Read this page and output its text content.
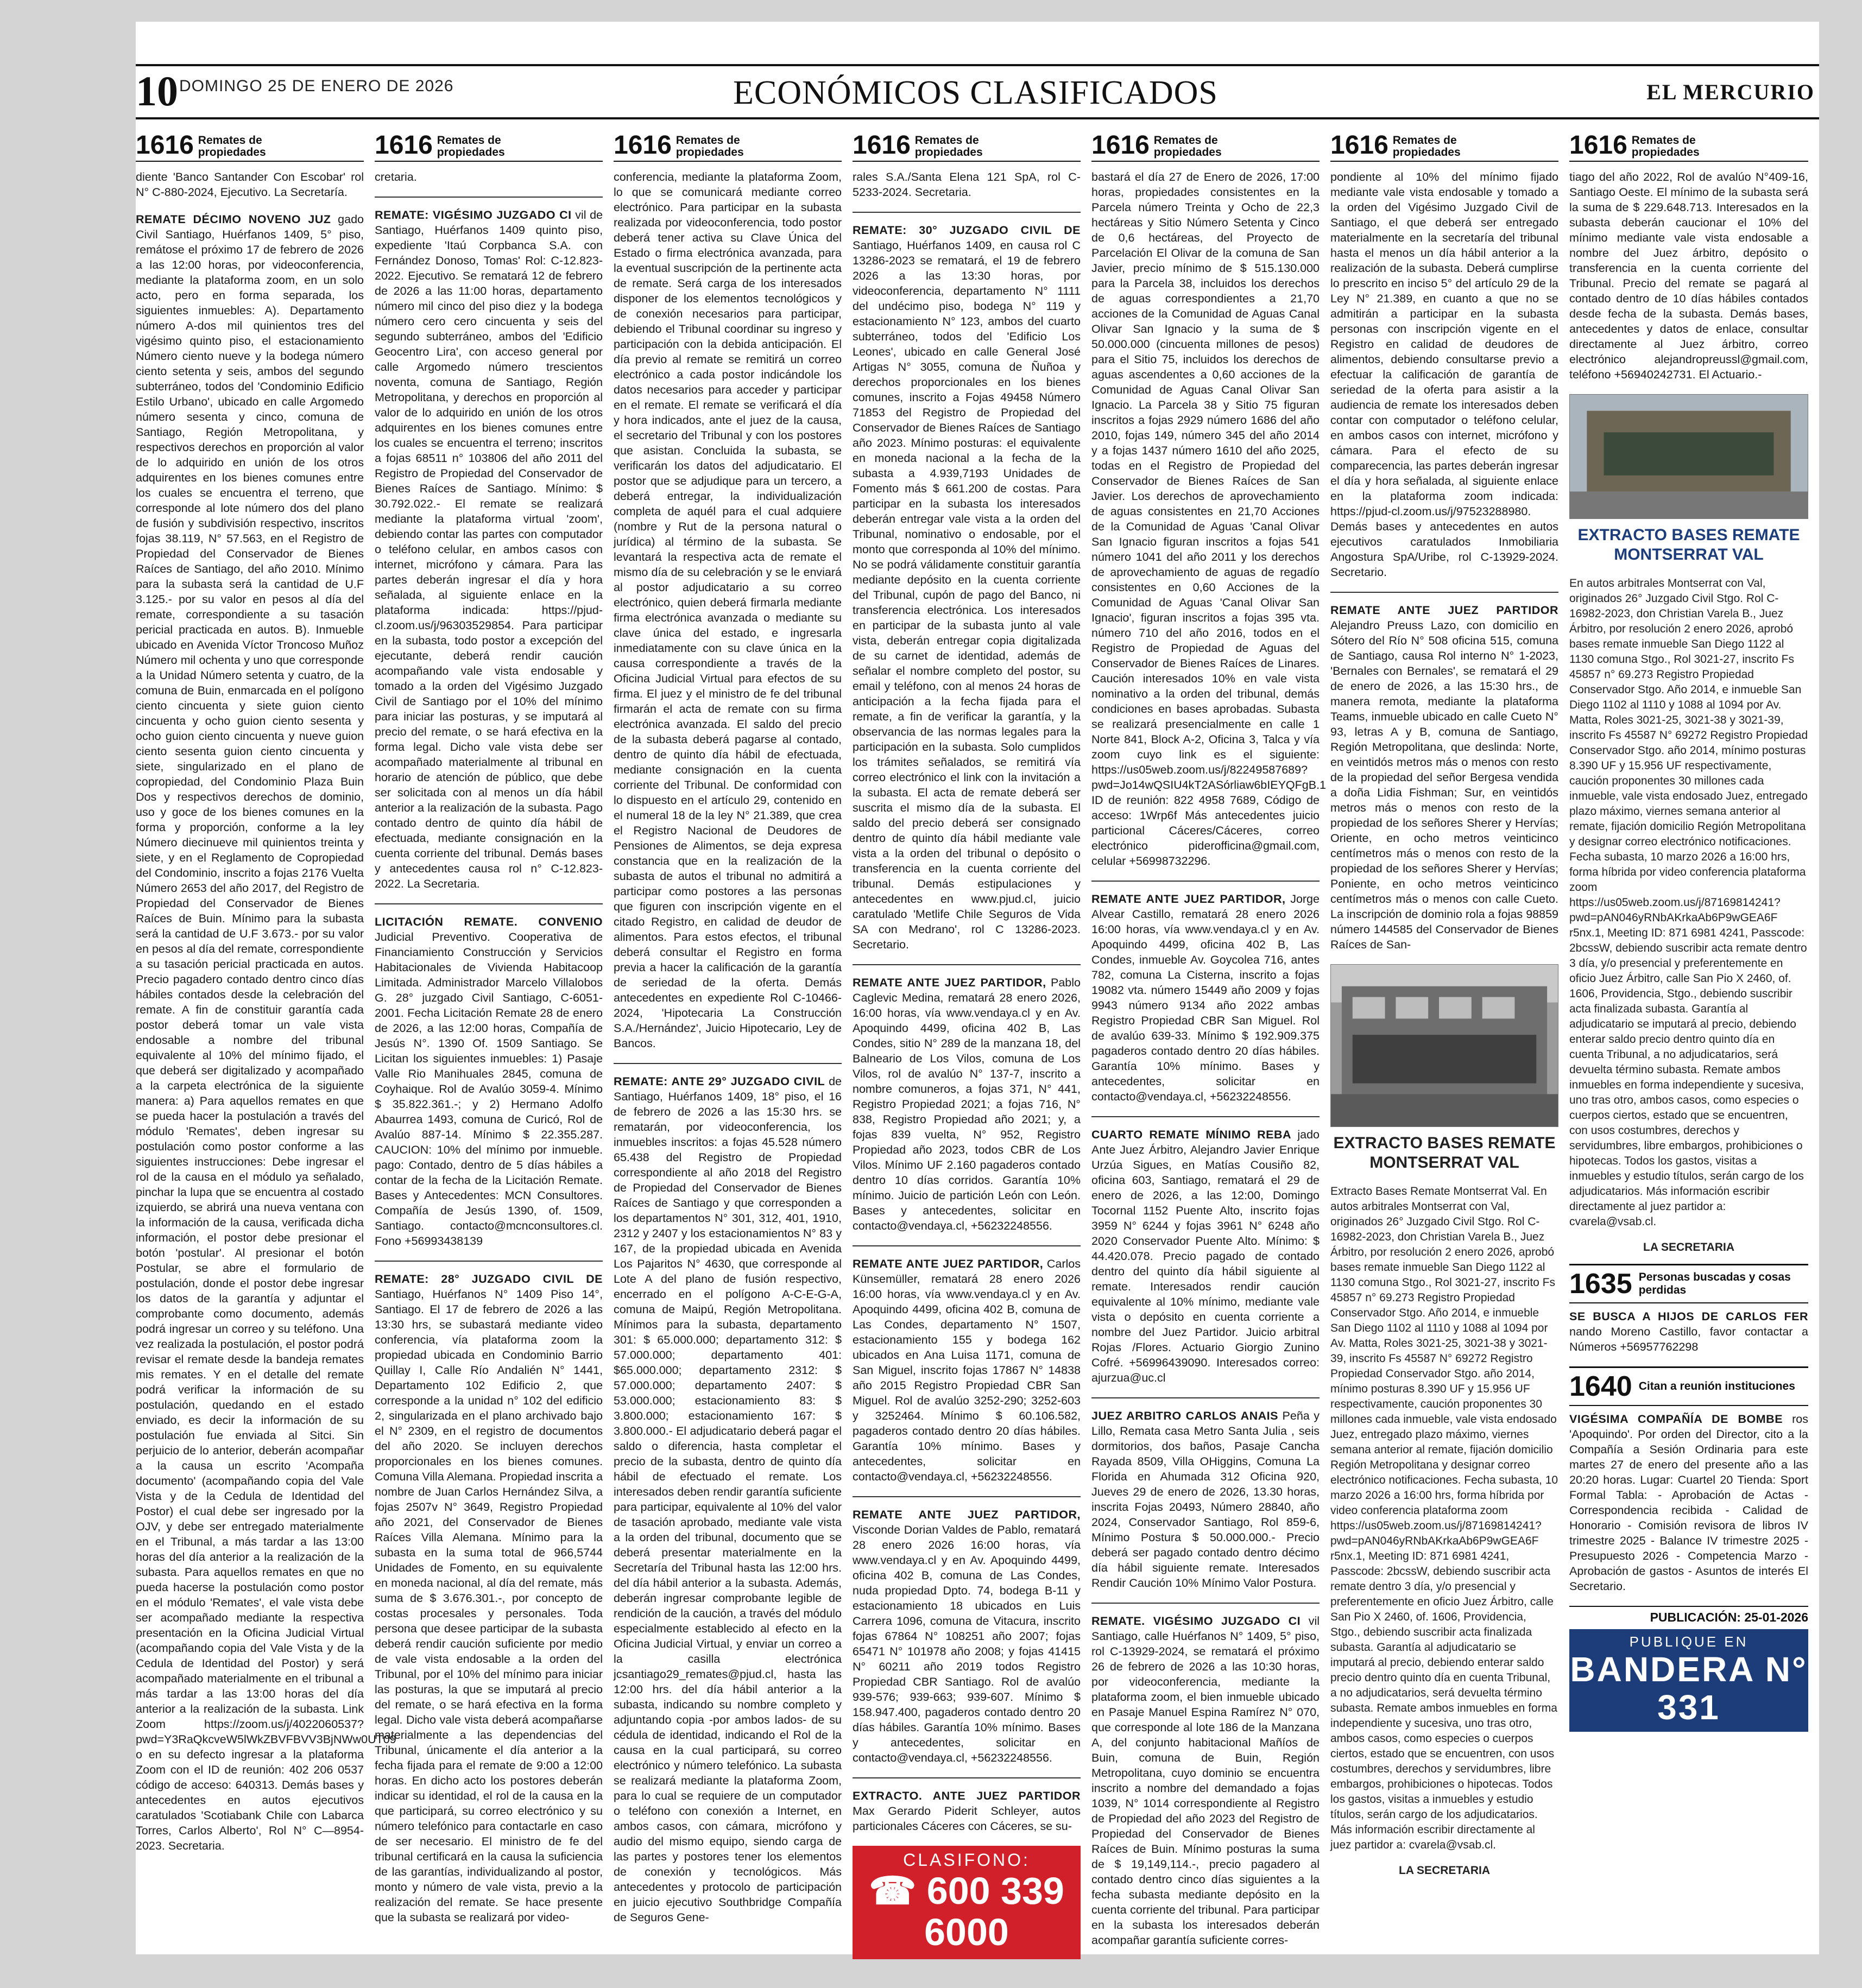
10 DOMINGO 25 DE ENERO DE 2026	ECONÓMICOS CLASIFICADOS	EL MERCURIO
1616 Remates de
propiedades

diente 'Banco Santander Con Escobar' rol N° C-880-2024, Ejecutivo. La Secretaría.

REMATE DÉCIMO NOVENO JUZ gado Civil Santiago, Huérfanos 1409, 5° piso, remátose el próximo 17 de febrero de 2026 a las 12:00 horas, por videoconferencia, mediante la plataforma zoom, en un solo acto, pero en forma separada, los siguientes inmuebles: A). Departamento número A-dos mil quinientos tres del vigésimo quinto piso, el estacionamiento Número ciento nueve y la bodega número ciento setenta y seis, ambos del segundo subterráneo, todos del 'Condominio Edificio Estilo Urbano', ubicado en calle Argomedo número sesenta y cinco, comuna de Santiago, Región Metropolitana, y respectivos derechos en proporción al valor de lo adquirido en unión de los otros adquirentes en los bienes comunes entre los cuales se encuentra el terreno, que corresponde al lote número dos del plano de fusión y subdivisión respectivo, inscritos fojas 38.119, N° 57.563, en el Registro de Propiedad del Conservador de Bienes Raíces de Santiago, del año 2010. Mínimo para la subasta será la cantidad de U.F 3.125.- por su valor en pesos al día del remate, correspondiente a su tasación pericial practicada en autos. B). Inmueble ubicado en Avenida Víctor Troncoso Muñoz Número mil ochenta y uno que corresponde a la Unidad Número setenta y cuatro, de la comuna de Buin, enmarcada en el polígono ciento cincuenta y siete guion ciento cincuenta y ocho guion ciento sesenta y ocho guion ciento cincuenta y nueve guion ciento sesenta guion ciento cincuenta y siete, singularizado en el plano de copropiedad, del Condominio Plaza Buin Dos y respectivos derechos de dominio, uso y goce de los bienes comunes en la forma y proporción, conforme a la ley Número diecinueve mil quinientos treinta y siete, y en el Reglamento de Copropiedad del Condominio, inscrito a fojas 2176 Vuelta Número 2653 del año 2017, del Registro de Propiedad del Conservador de Bienes Raíces de Buin. Mínimo para la subasta será la cantidad de U.F 3.673.- por su valor en pesos al día del remate, correspondiente a su tasación pericial practicada en autos. Precio pagadero contado dentro cinco días hábiles contados desde la celebración del remate. A fin de constituir garantía cada postor deberá tomar un vale vista endosable a nombre del tribunal equivalente al 10% del mínimo fijado, el que deberá ser digitalizado y acompañado a la carpeta electrónica de la siguiente manera: a) Para aquellos remates en que se pueda hacer la postulación a través del módulo 'Remates', deben ingresar su postulación como postor conforme a las siguientes instrucciones: Debe ingresar el rol de la causa en el módulo ya señalado, pinchar la lupa que se encuentra al costado izquierdo, se abrirá una nueva ventana con la información de la causa, verificada dicha información, el postor debe presionar el botón 'postular'. Al presionar el botón Postular, se abre el formulario de postulación, donde el postor debe ingresar los datos de la garantía y adjuntar el comprobante como documento, además podrá ingresar un correo y su teléfono. Una vez realizada la postulación, el postor podrá revisar el remate desde la bandeja remates mis remates. Y en el detalle del remate podrá verificar la información de su postulación, quedando en el estado enviado, es decir la información de su postulación fue enviada al Sitci. Sin perjuicio de lo anterior, deberán acompañar a la causa un escrito 'Acompaña documento' (acompañando copia del Vale Vista y de la Cedula de Identidad del Postor) el cual debe ser ingresado por la OJV, y debe ser entregado materialmente en el Tribunal, a más tardar a las 13:00 horas del día anterior a la realización de la subasta. Para aquellos remates en que no pueda hacerse la postulación como postor en el módulo 'Remates', el vale vista debe ser acompañado mediante la respectiva presentación en la Oficina Judicial Virtual (acompañando copia del Vale Vista y de la Cedula de Identidad del Postor) y será acompañado materialmente en el tribunal a más tardar a las 13:00 horas del día anterior a la realización de la subasta. Link Zoom https://zoom.us/j/4022060537?pwd=Y3RaQkcveW5lWkZBVFBVV3BjNWw0UT09 o en su defecto ingresar a la plataforma Zoom con el ID de reunión: 402 206 0537 código de acceso: 640313. Demás bases y antecedentes en autos ejecutivos caratulados 'Scotiabank Chile con Labarca Torres, Carlos Alberto', Rol N° C—8954-2023. Secretaria.

1616 Remates de
propiedades

cretaria.

REMATE: VIGÉSIMO JUZGADO CI vil de Santiago, Huérfanos 1409 quinto piso, expediente 'Itaú Corpbanca S.A. con Fernández Donoso, Tomas' Rol: C-12.823-2022. Ejecutivo. Se rematará 12 de febrero de 2026 a las 11:00 horas, departamento número mil cinco del piso diez y la bodega número cero cero cincuenta y seis del segundo subterráneo, ambos del 'Edificio Geocentro Lira', con acceso general por calle Argomedo número trescientos noventa, comuna de Santiago, Región Metropolitana, y derechos en proporción al valor de lo adquirido en unión de los otros adquirentes en los bienes comunes entre los cuales se encuentra el terreno; inscritos a fojas 68511 n° 103806 del año 2011 del Registro de Propiedad del Conservador de Bienes Raíces de Santiago. Mínimo: $ 30.792.022.- El remate se realizará mediante la plataforma virtual 'zoom', debiendo contar las partes con computador o teléfono celular, en ambos casos con internet, micrófono y cámara. Para las partes deberán ingresar el día y hora señalada, al siguiente enlace en la plataforma indicada: https://pjud-cl.zoom.us/j/96303529854. Para participar en la subasta, todo postor a excepción del ejecutante, deberá rendir caución acompañando vale vista endosable y tomado a la orden del Vigésimo Juzgado Civil de Santiago por el 10% del mínimo para iniciar las posturas, y se imputará al precio del remate, o se hará efectiva en la forma legal. Dicho vale vista debe ser acompañado materialmente al tribunal en horario de atención de público, que debe ser solicitada con al menos un día hábil anterior a la realización de la subasta. Pago contado dentro de quinto día hábil de efectuada, mediante consignación en la cuenta corriente del tribunal. Demás bases y antecedentes causa rol n° C-12.823-2022. La Secretaria.

LICITACIÓN REMATE. CONVENIO Judicial Preventivo. Cooperativa de Financiamiento Construcción y Servicios Habitacionales de Vivienda Habitacoop Limitada. Administrador Marcelo Villalobos G. 28° juzgado Civil Santiago, C-6051-2001. Fecha Licitación Remate 28 de enero de 2026, a las 12:00 horas, Compañía de Jesús N°. 1390 Of. 1509 Santiago. Se Licitan los siguientes inmuebles: 1) Pasaje Valle Rio Manihuales 2845, comuna de Coyhaique. Rol de Avalúo 3059-4. Mínimo $ 35.822.361.-; y 2) Hermano Adolfo Abaurrea 1493, comuna de Curicó, Rol de Avalúo 887-14. Mínimo $ 22.355.287. CAUCION: 10% del mínimo por inmueble. pago: Contado, dentro de 5 días hábiles a contar de la fecha de la Licitación Remate. Bases y Antecedentes: MCN Consultores. Compañía de Jesús 1390, of. 1509, Santiago. contacto@mcnconsultores.cl. Fono +56993438139

REMATE: 28° JUZGADO CIVIL DE Santiago, Huérfanos N° 1409 Piso 14°, Santiago. El 17 de febrero de 2026 a las 13:30 hrs, se subastará mediante video conferencia, vía plataforma zoom la propiedad ubicada en Condominio Barrio Quillay I, Calle Río Andalién N° 1441, Departamento 102 Edificio 2, que corresponde a la unidad n° 102 del edificio 2, singularizada en el plano archivado bajo el N° 2309, en el registro de documentos del año 2020. Se incluyen derechos proporcionales en los bienes comunes. Comuna Villa Alemana. Propiedad inscrita a nombre de Juan Carlos Hernández Silva, a fojas 2507v N° 3649, Registro Propiedad año 2021, del Conservador de Bienes Raíces Villa Alemana. Mínimo para la subasta en la suma total de 966,5744 Unidades de Fomento, en su equivalente en moneda nacional, al día del remate, más suma de $ 3.676.301.-, por concepto de costas procesales y personales. Toda persona que desee participar de la subasta deberá rendir caución suficiente por medio de vale vista endosable a la orden del Tribunal, por el 10% del mínimo para iniciar las posturas, la que se imputará al precio del remate, o se hará efectiva en la forma legal. Dicho vale vista deberá acompañarse materialmente a las dependencias del Tribunal, únicamente el día anterior a la fecha fijada para el remate de 9:00 a 12:00 horas. En dicho acto los postores deberán indicar su identidad, el rol de la causa en la que participará, su correo electrónico y su número telefónico para contactarle en caso de ser necesario. El ministro de fe del tribunal certificará en la causa la suficiencia de las garantías, individualizando al postor, monto y número de vale vista, previo a la realización del remate. Se hace presente que la subasta se realizará por video-

1616 Remates de
propiedades

conferencia, mediante la plataforma Zoom, lo que se comunicará mediante correo electrónico. Para participar en la subasta realizada por videoconferencia, todo postor deberá tener activa su Clave Única del Estado o firma electrónica avanzada, para la eventual suscripción de la pertinente acta de remate. Será carga de los interesados disponer de los elementos tecnológicos y de conexión necesarios para participar, debiendo el Tribunal coordinar su ingreso y participación con la debida anticipación. El día previo al remate se remitirá un correo electrónico a cada postor indicándole los datos necesarios para acceder y participar en el remate. El remate se verificará el día y hora indicados, ante el juez de la causa, el secretario del Tribunal y con los postores que asistan. Concluida la subasta, se verificarán los datos del adjudicatario. El postor que se adjudique para un tercero, a deberá entregar, la individualización completa de aquél para el cual adquiere (nombre y Rut de la persona natural o jurídica) al término de la subasta. Se levantará la respectiva acta de remate el mismo día de su celebración y se le enviará al postor adjudicatario a su correo electrónico, quien deberá firmarla mediante firma electrónica avanzada o mediante su clave única del estado, e ingresarla inmediatamente con su clave única en la causa correspondiente a través de la Oficina Judicial Virtual para efectos de su firma. El juez y el ministro de fe del tribunal firmarán el acta de remate con su firma electrónica avanzada. El saldo del precio de la subasta deberá pagarse al contado, dentro de quinto día hábil de efectuada, mediante consignación en la cuenta corriente del Tribunal. De conformidad con lo dispuesto en el artículo 29, contenido en el numeral 18 de la ley N° 21.389, que crea el Registro Nacional de Deudores de Pensiones de Alimentos, se deja expresa constancia que en la realización de la subasta de autos el tribunal no admitirá a participar como postores a las personas que figuren con inscripción vigente en el citado Registro, en calidad de deudor de alimentos. Para estos efectos, el tribunal deberá consultar el Registro en forma previa a hacer la calificación de la garantía de seriedad de la oferta. Demás antecedentes en expediente Rol C-10466-2024, 'Hipotecaria La Construcción S.A./Hernández', Juicio Hipotecario, Ley de Bancos.

REMATE: ANTE 29° JUZGADO CIVIL de Santiago, Huérfanos 1409, 18° piso, el 16 de febrero de 2026 a las 15:30 hrs. se rematarán, por videoconferencia, los inmuebles inscritos: a fojas 45.528 número 65.438 del Registro de Propiedad correspondiente al año 2018 del Registro de Propiedad del Conservador de Bienes Raíces de Santiago y que corresponden a los departamentos N° 301, 312, 401, 1910, 2312 y 2407 y los estacionamientos N° 83 y 167, de la propiedad ubicada en Avenida Los Pajaritos N° 4630, que corresponde al Lote A del plano de fusión respectivo, encerrado en el polígono A-C-E-G-A, comuna de Maipú, Región Metropolitana. Mínimos para la subasta, departamento 301: $ 65.000.000; departamento 312: $ 57.000.000; departamento 401: $65.000.000; departamento 2312: $ 57.000.000; departamento 2407: $ 53.000.000; estacionamiento 83: $ 3.800.000; estacionamiento 167: $ 3.800.000.- El adjudicatario deberá pagar el saldo o diferencia, hasta completar el precio de la subasta, dentro de quinto día hábil de efectuado el remate. Los interesados deben rendir garantía suficiente para participar, equivalente al 10% del valor de tasación aprobado, mediante vale vista a la orden del tribunal, documento que se deberá presentar materialmente en la Secretaría del Tribunal hasta las 12:00 hrs. del día hábil anterior a la subasta. Además, deberán ingresar comprobante legible de rendición de la caución, a través del módulo especialmente establecido al efecto en la Oficina Judicial Virtual, y enviar un correo a la casilla electrónica jcsantiago29_remates@pjud.cl, hasta las 12:00 hrs. del día hábil anterior a la subasta, indicando su nombre completo y adjuntando copia -por ambos lados- de su cédula de identidad, indicando el Rol de la causa en la cual participará, su correo electrónico y número telefónico. La subasta se realizará mediante la plataforma Zoom, para lo cual se requiere de un computador o teléfono con conexión a Internet, en ambos casos, con cámara, micrófono y audio del mismo equipo, siendo carga de las partes y postores tener los elementos de conexión y tecnológicos. Más antecedentes y protocolo de participación en juicio ejecutivo Southbridge Compañía de Seguros Gene-

1616 Remates de
propiedades

rales S.A./Santa Elena 121 SpA, rol C-5233-2024. Secretaria.

REMATE: 30° JUZGADO CIVIL DE Santiago, Huérfanos 1409, en causa rol C 13286-2023 se rematará, el 19 de febrero 2026 a las 13:30 horas, por videoconferencia, departamento N° 1111 del undécimo piso, bodega N° 119 y estacionamiento N° 123, ambos del cuarto subterráneo, todos del 'Edificio Los Leones', ubicado en calle General José Artigas N° 3055, comuna de Ñuñoa y derechos proporcionales en los bienes comunes, inscrito a Fojas 49458 Número 71853 del Registro de Propiedad del Conservador de Bienes Raíces de Santiago año 2023. Mínimo posturas: el equivalente en moneda nacional a la fecha de la subasta a 4.939,7193 Unidades de Fomento más $ 661.200 de costas. Para participar en la subasta los interesados deberán entregar vale vista a la orden del Tribunal, nominativo o endosable, por el monto que corresponda al 10% del mínimo. No se podrá válidamente constituir garantía mediante depósito en la cuenta corriente del Tribunal, cupón de pago del Banco, ni transferencia electrónica. Los interesados en participar de la subasta junto al vale vista, deberán entregar copia digitalizada de su carnet de identidad, además de señalar el nombre completo del postor, su email y teléfono, con al menos 24 horas de anticipación a la fecha fijada para el remate, a fin de verificar la garantía, y la observancia de las normas legales para la participación en la subasta. Solo cumplidos los trámites señalados, se remitirá vía correo electrónico el link con la invitación a la subasta. El acta de remate deberá ser suscrita el mismo día de la subasta. El saldo del precio deberá ser consignado dentro de quinto día hábil mediante vale vista a la orden del tribunal o depósito o transferencia en la cuenta corriente del tribunal. Demás estipulaciones y antecedentes en www.pjud.cl, juicio caratulado 'Metlife Chile Seguros de Vida SA con Medrano', rol C 13286-2023. Secretario.

REMATE ANTE JUEZ PARTIDOR, Pablo Caglevic Medina, rematará 28 enero 2026, 16:00 horas, vía www.vendaya.cl y en Av. Apoquindo 4499, oficina 402 B, Las Condes, sitio N° 289 de la manzana 18, del Balneario de Los Vilos, comuna de Los Vilos, rol de avalúo N° 137-7, inscrito a nombre comuneros, a fojas 371, N° 441, Registro Propiedad 2021; a fojas 716, N° 838, Registro Propiedad año 2021; y, a fojas 839 vuelta, N° 952, Registro Propiedad año 2023, todos CBR de Los Vilos. Mínimo UF 2.160 pagaderos contado dentro 10 días corridos. Garantía 10% mínimo. Juicio de partición León con León. Bases y antecedentes, solicitar en contacto@vendaya.cl, +56232248556.

REMATE ANTE JUEZ PARTIDOR, Carlos Künsemüller, rematará 28 enero 2026 16:00 horas, vía www.vendaya.cl y en Av. Apoquindo 4499, oficina 402 B, comuna de Las Condes, departamento N° 1507, estacionamiento 155 y bodega 162 ubicados en Ana Luisa 1171, comuna de San Miguel, inscrito fojas 17867 N° 14838 año 2015 Registro Propiedad CBR San Miguel. Rol de avalúo 3252-290; 3252-603 y 3252464. Mínimo $ 60.106.582, pagaderos contado dentro 20 días hábiles. Garantía 10% mínimo. Bases y antecedentes, solicitar en contacto@vendaya.cl, +56232248556.

REMATE ANTE JUEZ PARTIDOR, Visconde Dorian Valdes de Pablo, rematará 28 enero 2026 16:00 horas, vía www.vendaya.cl y en Av. Apoquindo 4499, oficina 402 B, comuna de Las Condes, nuda propiedad Dpto. 74, bodega B-11 y estacionamiento 18 ubicados en Luis Carrera 1096, comuna de Vitacura, inscrito fojas 67864 N° 108251 año 2007; fojas 65471 N° 101978 año 2008; y fojas 41415 N° 60211 año 2019 todos Registro Propiedad CBR Santiago. Rol de avalúo 939-576; 939-663; 939-607. Mínimo $ 158.947.400, pagaderos contado dentro 20 días hábiles. Garantía 10% mínimo. Bases y antecedentes, solicitar en contacto@vendaya.cl, +56232248556.

EXTRACTO. ANTE JUEZ PARTIDOR Max Gerardo Piderit Schleyer, autos particionales Cáceres con Cáceres, se su-

CLASIFONO:
☎ 600 339 6000
1616 Remates de
propiedades

bastará el día 27 de Enero de 2026, 17:00 horas, propiedades consistentes en la Parcela número Treinta y Ocho de 22,3 hectáreas y Sitio Número Setenta y Cinco de 0,6 hectáreas, del Proyecto de Parcelación El Olivar de la comuna de San Javier, precio mínimo de $ 515.130.000 para la Parcela 38, incluidos los derechos de aguas correspondientes a 21,70 acciones de la Comunidad de Aguas Canal Olivar San Ignacio y la suma de $ 50.000.000 (cincuenta millones de pesos) para el Sitio 75, incluidos los derechos de aguas ascendentes a 0,60 acciones de la Comunidad de Aguas Canal Olivar San Ignacio. La Parcela 38 y Sitio 75 figuran inscritos a fojas 2929 número 1686 del año 2010, fojas 149, número 345 del año 2014 y a fojas 1437 número 1610 del año 2025, todas en el Registro de Propiedad del Conservador de Bienes Raíces de San Javier. Los derechos de aprovechamiento de aguas consistentes en 21,70 Acciones de la Comunidad de Aguas 'Canal Olivar San Ignacio figuran inscritos a fojas 541 número 1041 del año 2011 y los derechos de aprovechamiento de aguas de regadío consistentes en 0,60 Acciones de la Comunidad de Aguas 'Canal Olivar San Ignacio', figuran inscritos a fojas 395 vta. número 710 del año 2016, todos en el Registro de Propiedad de Aguas del Conservador de Bienes Raíces de Linares. Caución interesados 10% en vale vista nominativo a la orden del tribunal, demás condiciones en bases aprobadas. Subasta se realizará presencialmente en calle 1 Norte 841, Block A-2, Oficina 3, Talca y vía zoom cuyo link es el siguiente: https://us05web.zoom.us/j/82249587689?pwd=Jo14wQSIU4kT2ASórliaw6bIEYQFgB.1 ID de reunión: 822 4958 7689, Código de acceso: 1Wrp6f Más antecedentes juicio particional Cáceres/Cáceres, correo electrónico piderofficina@gmail.com, celular +56998732296.

REMATE ANTE JUEZ PARTIDOR, Jorge Alvear Castillo, rematará 28 enero 2026 16:00 horas, vía www.vendaya.cl y en Av. Apoquindo 4499, oficina 402 B, Las Condes, inmueble Av. Goycolea 716, antes 782, comuna La Cisterna, inscrito a fojas 19082 vta. número 15449 año 2009 y fojas 9943 número 9134 año 2022 ambas Registro Propiedad CBR San Miguel. Rol de avalúo 639-33. Mínimo $ 192.909.375 pagaderos contado dentro 20 días hábiles. Garantía 10% mínimo. Bases y antecedentes, solicitar en contacto@vendaya.cl, +56232248556.

CUARTO REMATE MÍNIMO REBA jado Ante Juez Árbitro, Alejandro Javier Enrique Urzúa Sigues, en Matías Cousiño 82, oficina 603, Santiago, rematará el 29 de enero de 2026, a las 12:00, Domingo Tocornal 1152 Puente Alto, inscrito fojas 3959 N° 6244 y fojas 3961 N° 6248 año 2020 Conservador Puente Alto. Mínimo: $ 44.420.078. Precio pagado de contado dentro del quinto día hábil siguiente al remate. Interesados rendir caución equivalente al 10% mínimo, mediante vale vista o depósito en cuenta corriente a nombre del Juez Partidor. Juicio arbitral Rojas /Flores. Actuario Giorgio Zunino Cofré. +56996439090. Interesados correo: ajurzua@uc.cl

JUEZ ARBITRO CARLOS ANAIS Peña y Lillo, Remata casa Metro Santa Julia , seis dormitorios, dos baños, Pasaje Cancha Rayada 8509, Villa OHiggins, Comuna La Florida en Ahumada 312 Oficina 920, Jueves 29 de enero de 2026, 13.30 horas, inscrita Fojas 20493, Número 28840, año 2024, Conservador Santiago, Rol 859-6, Mínimo Postura $ 50.000.000.- Precio deberá ser pagado contado dentro décimo día hábil siguiente remate. Interesados Rendir Caución 10% Mínimo Valor Postura.

REMATE. VIGÉSIMO JUZGADO CI vil Santiago, calle Huérfanos N° 1409, 5° piso, rol C-13929-2024, se rematará el próximo 26 de febrero de 2026 a las 10:30 horas, por videoconferencia, mediante la plataforma zoom, el bien inmueble ubicado en Pasaje Manuel Espina Ramírez N° 070, que corresponde al lote 186 de la Manzana A, del conjunto habitacional Mañíos de Buin, comuna de Buin, Región Metropolitana, cuyo dominio se encuentra inscrito a nombre del demandado a fojas 1039, N° 1014 correspondiente al Registro de Propiedad del año 2023 del Registro de Propiedad del Conservador de Bienes Raíces de Buin. Mínimo posturas la suma de $ 19,149,114.-, precio pagadero al contado dentro cinco días siguientes a la fecha subasta mediante depósito en la cuenta corriente del tribunal. Para participar en la subasta los interesados deberán acompañar garantía suficiente corres-

1616 Remates de
propiedades

pondiente al 10% del mínimo fijado mediante vale vista endosable y tomado a la orden del Vigésimo Juzgado Civil de Santiago, el que deberá ser entregado materialmente en la secretaría del tribunal hasta el menos un día hábil anterior a la realización de la subasta. Deberá cumplirse lo prescrito en inciso 5° del artículo 29 de la Ley N° 21.389, en cuanto a que no se admitirán a participar en la subasta personas con inscripción vigente en el Registro en calidad de deudores de alimentos, debiendo consultarse previo a efectuar la calificación de garantía de seriedad de la oferta para asistir a la audiencia de remate los interesados deben contar con computador o teléfono celular, en ambos casos con internet, micrófono y cámara. Para el efecto de su comparecencia, las partes deberán ingresar el día y hora señalada, al siguiente enlace en la plataforma zoom indicada: https://pjud-cl.zoom.us/j/97523288980. Demás bases y antecedentes en autos ejecutivos caratulados Inmobiliaria Angostura SpA/Uribe, rol C-13929-2024. Secretario.

REMATE ANTE JUEZ PARTIDOR Alejandro Preuss Lazo, con domicilio en Sótero del Río N° 508 oficina 515, comuna de Santiago, causa Rol interno N° 1-2023, 'Bernales con Bernales', se rematará el 29 de enero de 2026, a las 15:30 hrs., de manera remota, mediante la plataforma Teams, inmueble ubicado en calle Cueto N° 93, letras A y B, comuna de Santiago, Región Metropolitana, que deslinda: Norte, en veintidós metros más o menos con resto de la propiedad del señor Bergesa vendida a doña Lidia Fishman; Sur, en veintidós metros más o menos con resto de la propiedad de los señores Sherer y Hervías; Oriente, en ocho metros veinticinco centímetros más o menos con resto de la propiedad de los señores Sherer y Hervías; Poniente, en ocho metros veinticinco centímetros más o menos con calle Cueto. La inscripción de dominio rola a fojas 98859 número 144585 del Conservador de Bienes Raíces de San-

EXTRACTO BASES REMATE MONTSERRAT VAL

Extracto Bases Remate Montserrat Val. En autos arbitrales Montserrat con Val, originados 26° Juzgado Civil Stgo. Rol C-16982-2023, don Christian Varela B., Juez Árbitro, por resolución 2 enero 2026, aprobó bases remate inmueble San Diego 1122 al 1130 comuna Stgo., Rol 3021-27, inscrito Fs 45857 n° 69.273 Registro Propiedad Conservador Stgo. Año 2014, e inmueble San Diego 1102 al 1110 y 1088 al 1094 por Av. Matta, Roles 3021-25, 3021-38 y 3021-39, inscrito Fs 45587 N° 69272 Registro Propiedad Conservador Stgo. año 2014, mínimo posturas 8.390 UF y 15.956 UF respectivamente, caución proponentes 30 millones cada inmueble, vale vista endosado Juez, entregado plazo máximo, viernes semana anterior al remate, fijación domicilio Región Metropolitana y designar correo electrónico notificaciones. Fecha subasta, 10 marzo 2026 a 16:00 hrs, forma híbrida por video conferencia plataforma zoom https://us05web.zoom.us/j/87169814241?pwd=pAN046yRNbAKrkaAb6P9wGEA6F r5nx.1, Meeting ID: 871 6981 4241, Passcode: 2bcssW, debiendo suscribir acta remate dentro 3 día, y/o presencial y preferentemente en oficio Juez Árbitro, calle San Pio X 2460, of. 1606, Providencia, Stgo., debiendo suscribir acta finalizada subasta. Garantía al adjudicatario se imputará al precio, debiendo enterar saldo precio dentro quinto día en cuenta Tribunal, a no adjudicatarios, será devuelta término subasta. Remate ambos inmuebles en forma independiente y sucesiva, uno tras otro, ambos casos, como especies o cuerpos ciertos, estado que se encuentren, con usos costumbres, derechos y servidumbres, libre embargos, prohibiciones o hipotecas. Todos los gastos, visitas a inmuebles y estudio títulos, serán cargo de los adjudicatarios. Más información escribir directamente al juez partidor a: cvarela@vsab.cl.

LA SECRETARIA
1616 Remates de
propiedades

tiago del año 2022, Rol de avalúo N°409-16, Santiago Oeste. El mínimo de la subasta será la suma de $ 229.648.713. Interesados en la subasta deberán caucionar el 10% del mínimo mediante vale vista endosable a nombre del Juez árbitro, depósito o transferencia en la cuenta corriente del Tribunal. Precio del remate se pagará al contado dentro de 10 días hábiles contados desde fecha de la subasta. Demás bases, antecedentes y datos de enlace, consultar directamente al Juez árbitro, correo electrónico alejandropreussl@gmail.com, teléfono +56940242731. El Actuario.-

EXTRACTO BASES REMATE MONTSERRAT VAL

En autos arbitrales Montserrat con Val, originados 26° Juzgado Civil Stgo. Rol C-16982-2023, don Christian Varela B., Juez Árbitro, por resolución 2 enero 2026, aprobó bases remate inmueble San Diego 1122 al 1130 comuna Stgo., Rol 3021-27, inscrito Fs 45857 n° 69.273 Registro Propiedad Conservador Stgo. Año 2014, e inmueble San Diego 1102 al 1110 y 1088 al 1094 por Av. Matta, Roles 3021-25, 3021-38 y 3021-39, inscrito Fs 45587 N° 69272 Registro Propiedad Conservador Stgo. año 2014, mínimo posturas 8.390 UF y 15.956 UF respectivamente, caución proponentes 30 millones cada inmueble, vale vista endosado Juez, entregado plazo máximo, viernes semana anterior al remate, fijación domicilio Región Metropolitana y designar correo electrónico notificaciones. Fecha subasta, 10 marzo 2026 a 16:00 hrs, forma híbrida por video conferencia plataforma zoom https://us05web.zoom.us/j/87169814241?pwd=pAN046yRNbAKrkaAb6P9wGEA6F r5nx.1, Meeting ID: 871 6981 4241, Passcode: 2bcssW, debiendo suscribir acta remate dentro 3 día, y/o presencial y preferentemente en oficio Juez Árbitro, calle San Pio X 2460, of. 1606, Providencia, Stgo., debiendo suscribir acta finalizada subasta. Garantía al adjudicatario se imputará al precio, debiendo enterar saldo precio dentro quinto día en cuenta Tribunal, a no adjudicatarios, será devuelta término subasta. Remate ambos inmuebles en forma independiente y sucesiva, uno tras otro, ambos casos, como especies o cuerpos ciertos, estado que se encuentren, con usos costumbres, derechos y servidumbres, libre embargos, prohibiciones o hipotecas. Todos los gastos, visitas a inmuebles y estudio títulos, serán cargo de los adjudicatarios. Más información escribir directamente al juez partidor a: cvarela@vsab.cl.

LA SECRETARIA
1635 Personas buscadas y cosas perdidas

SE BUSCA A HIJOS DE CARLOS FER nando Moreno Castillo, favor contactar a Números +56957762298

1640 Citan a reunión instituciones

VIGÉSIMA COMPAÑÍA DE BOMBE ros 'Apoquindo'. Por orden del Director, cito a la Compañía a Sesión Ordinaria para este martes 27 de enero del presente año a las 20:20 horas. Lugar: Cuartel 20 Tienda: Sport Formal Tabla: - Aprobación de Actas - Correspondencia recibida - Calidad de Honorario - Comisión revisora de libros IV trimestre 2025 - Balance IV trimestre 2025 - Presupuesto 2026 - Competencia Marzo - Aprobación de gastos - Asuntos de interés El Secretario.

PUBLICACIÓN: 25-01-2026
PUBLIQUE EN
BANDERA N° 331
